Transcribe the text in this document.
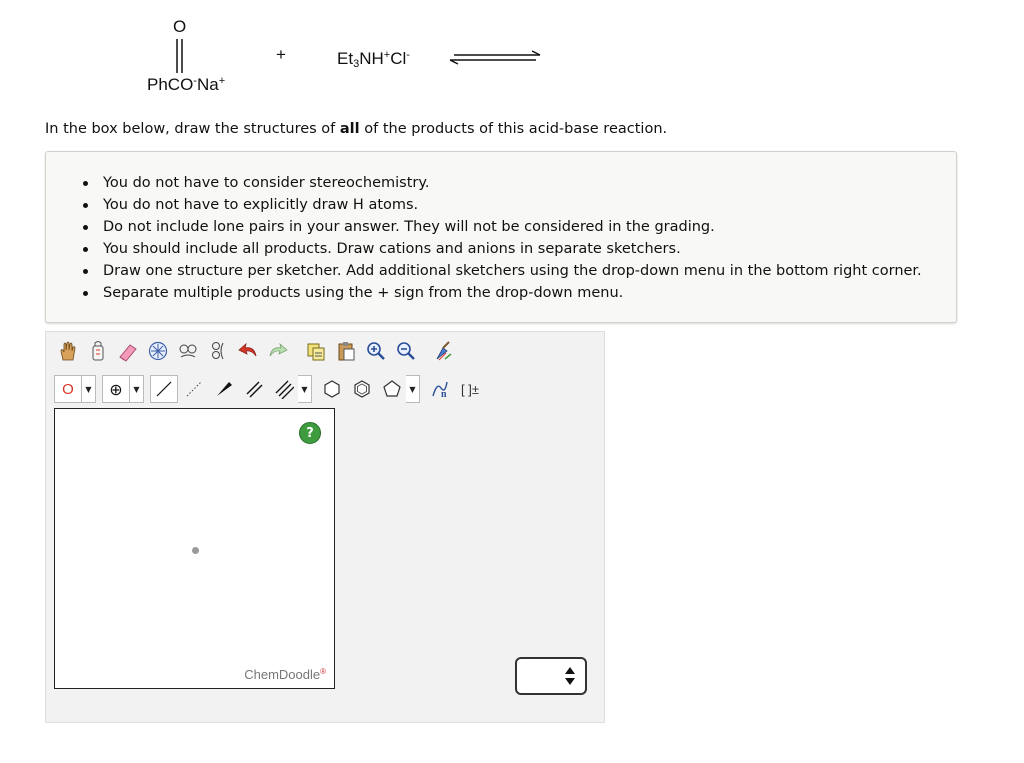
O
PhCO-Na+
+	$Et_3NH^+Cl^-$
In the box below, draw the structures of all of the products of this acid-base reaction.
You do not have to consider stereochemistry.
You do not have to explicitly draw H atoms.
Do not include lone pairs in your answer. They will not be considered in the grading.
You should include all products. Draw cations and anions in separate sketchers.
Draw one structure per sketcher. Add additional sketchers using the drop-down menu in the bottom right corner.
Separate multiple products using the + sign from the drop-down menu.
O	▼	⊕	▼	▼	▼	n	[ ]±
?
ChemDoodle®
